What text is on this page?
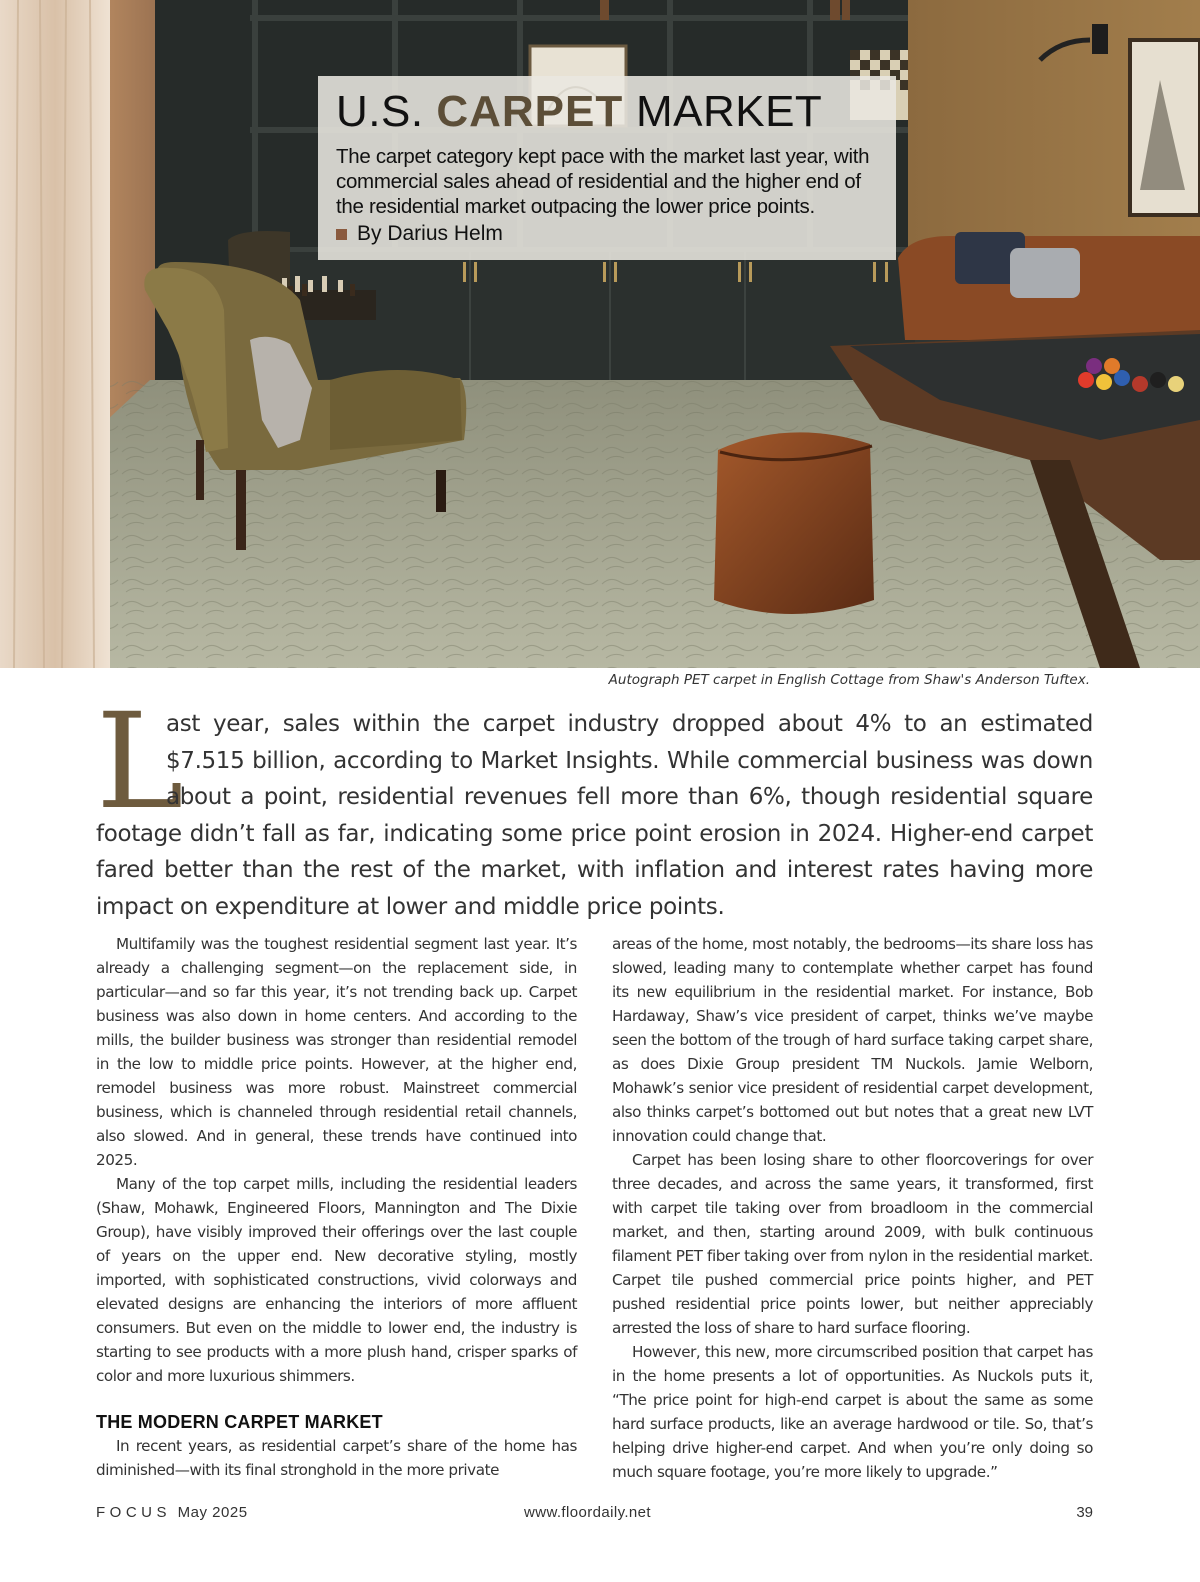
U.S. CARPET MARKET
The carpet category kept pace with the market last year, with commercial sales ahead of residential and the higher end of the residential market outpacing the lower price points.
By Darius Helm
Autograph PET carpet in English Cottage from Shaw's Anderson Tuftex.
L
ast year, sales within the carpet industry dropped about 4% to an estimated $7.515 billion, according to Market Insights. While commercial business was down about a point, residential revenues fell more than 6%, though residential square footage didn’t fall as far, indicating some price point erosion in 2024. Higher-end carpet fared better than the rest of the market, with inflation and interest rates having more impact on expenditure at lower and middle price points.

Multifamily was the toughest residential segment last year. It’s already a challenging segment—on the replacement side, in particular—and so far this year, it’s not trending back up. Carpet business was also down in home centers. And according to the mills, the builder business was stronger than residential remodel in the low to middle price points. However, at the higher end, remodel business was more robust. Mainstreet commercial business, which is channeled through residential retail channels, also slowed. And in general, these trends have continued into 2025.

Many of the top carpet mills, including the residential leaders (Shaw, Mohawk, Engineered Floors, Mannington and The Dixie Group), have visibly improved their offerings over the last couple of years on the upper end. New decorative styling, mostly imported, with sophisticated constructions, vivid colorways and elevated designs are enhancing the interiors of more affluent consumers. But even on the middle to lower end, the industry is starting to see products with a more plush hand, crisper sparks of color and more luxurious shimmers.

THE MODERN CARPET MARKET

In recent years, as residential carpet’s share of the home has diminished—with its final stronghold in the more private

areas of the home, most notably, the bedrooms—its share loss has slowed, leading many to contemplate whether carpet has found its new equilibrium in the residential market. For instance, Bob Hardaway, Shaw’s vice president of carpet, thinks we’ve maybe seen the bottom of the trough of hard surface taking carpet share, as does Dixie Group president TM Nuckols. Jamie Welborn, Mohawk’s senior vice president of residential carpet development, also thinks carpet’s bottomed out but notes that a great new LVT innovation could change that.

Carpet has been losing share to other floorcoverings for over three decades, and across the same years, it transformed, first with carpet tile taking over from broadloom in the commercial market, and then, starting around 2009, with bulk continuous filament PET fiber taking over from nylon in the residential market. Carpet tile pushed commercial price points higher, and PET pushed residential price points lower, but neither appreciably arrested the loss of share to hard surface flooring.

However, this new, more circumscribed position that carpet has in the home presents a lot of opportunities. As Nuckols puts it, “The price point for high-end carpet is about the same as some hard surface products, like an average hardwood or tile. So, that’s helping drive higher-end carpet. And when you’re only doing so much square footage, you’re more likely to upgrade.”

FOCUS May 2025	www.floordaily.net	39
